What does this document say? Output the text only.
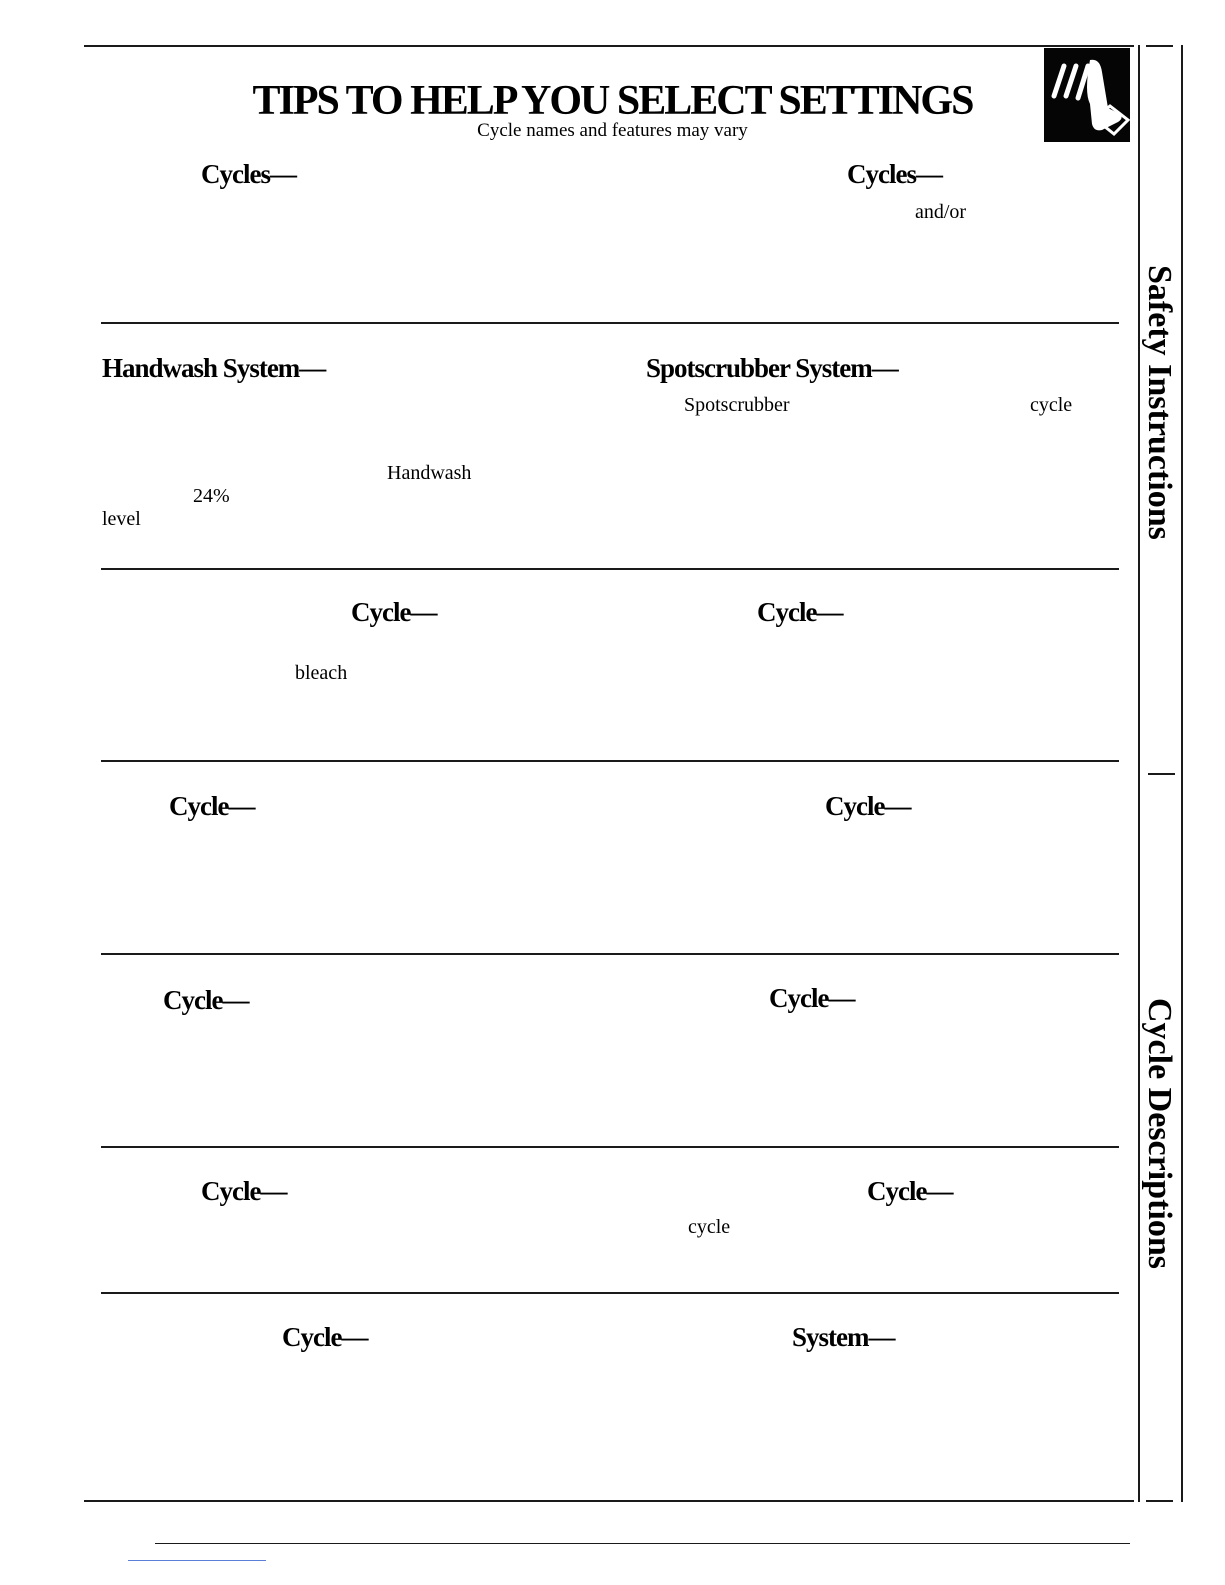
TIPS TO HELP YOU SELECT SETTINGS
Cycle names and features may vary
Cycles—	Cycles—
and/or
Handwash System—	Spotscrubber System—
Spotscrubber	cycle
Handwash
24%
level
Cycle—	Cycle—
bleach
Cycle—	Cycle—
Cycle—	Cycle—
Cycle—	Cycle—
cycle
Cycle—	System—
Safety Instructions
Cycle Descriptions
